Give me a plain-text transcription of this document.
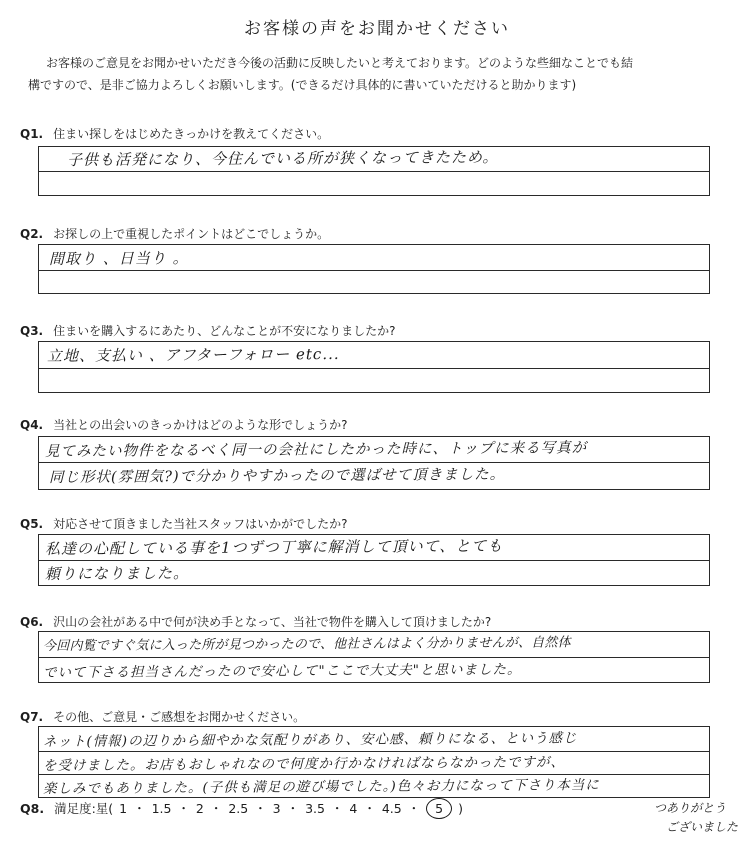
お客様の声をお聞かせください
お客様のご意見をお聞かせいただき今後の活動に反映したいと考えております。どのような些細なことでも結
構ですので、是非ご協力よろしくお願いします。(できるだけ具体的に書いていただけると助かります)
Q1. 住まい探しをはじめたきっかけを教えてください。
子供も活発になり、今住んでいる所が狭くなってきたため。
Q2. お探しの上で重視したポイントはどこでしょうか。
間取り 、日当り 。
Q3. 住まいを購入するにあたり、どんなことが不安になりましたか?
立地、支払い 、アフターフォロー etc...
Q4. 当社との出会いのきっかけはどのような形でしょうか?
見てみたい物件をなるべく同一の会社にしたかった時に、トップに来る写真が
同じ形状(雰囲気?)で分かりやすかったので選ばせて頂きました。
Q5. 対応させて頂きました当社スタッフはいかがでしたか?
私達の心配している事を1つずつ丁寧に解消して頂いて、とても
頼りになりました。
Q6. 沢山の会社がある中で何が決め手となって、当社で物件を購入して頂けましたか?
今回内覧ですぐ気に入った所が見つかったので、他社さんはよく分かりませんが、自然体
でいて下さる担当さんだったので安心して"ここで大丈夫"と思いました。
Q7. その他、ご意見・ご感想をお聞かせください。
ネット(情報)の辺りから細やかな気配りがあり、安心感、頼りになる、という感じ
を受けました。お店もおしゃれなので何度か行かなければならなかったですが、
楽しみでもありました。(子供も満足の遊び場でした。)色々お力になって下さり本当に
Q8. 満足度:星( 1 ・ 1.5 ・ 2 ・ 2.5 ・ 3 ・ 3.5 ・ 4 ・ 4.5 ・ 5 )	つありがとう
ございました
